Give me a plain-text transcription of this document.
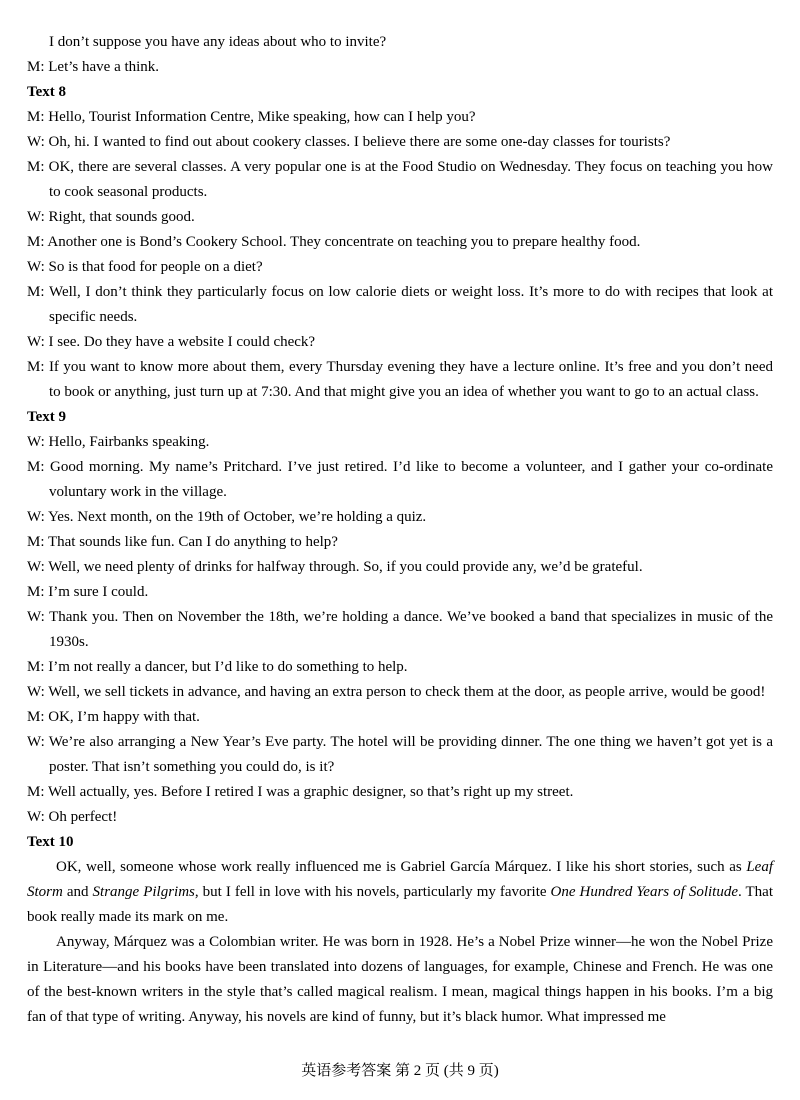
I don’t suppose you have any ideas about who to invite?

M: Let’s have a think.

Text 8

M: Hello, Tourist Information Centre, Mike speaking, how can I help you?

W: Oh, hi. I wanted to find out about cookery classes. I believe there are some one-day classes for tourists?

M: OK, there are several classes. A very popular one is at the Food Studio on Wednesday. They focus on teaching you how to cook seasonal products.

W: Right, that sounds good.

M: Another one is Bond’s Cookery School. They concentrate on teaching you to prepare healthy food.

W: So is that food for people on a diet?

M: Well, I don’t think they particularly focus on low calorie diets or weight loss. It’s more to do with recipes that look at specific needs.

W: I see. Do they have a website I could check?

M: If you want to know more about them, every Thursday evening they have a lecture online. It’s free and you don’t need to book or anything, just turn up at 7:30. And that might give you an idea of whether you want to go to an actual class.

Text 9

W: Hello, Fairbanks speaking.

M: Good morning. My name’s Pritchard. I’ve just retired. I’d like to become a volunteer, and I gather your co-ordinate voluntary work in the village.

W: Yes. Next month, on the 19th of October, we’re holding a quiz.

M: That sounds like fun. Can I do anything to help?

W: Well, we need plenty of drinks for halfway through. So, if you could provide any, we’d be grateful.

M: I’m sure I could.

W: Thank you. Then on November the 18th, we’re holding a dance. We’ve booked a band that specializes in music of the 1930s.

M: I’m not really a dancer, but I’d like to do something to help.

W: Well, we sell tickets in advance, and having an extra person to check them at the door, as people arrive, would be good!

M: OK, I’m happy with that.

W: We’re also arranging a New Year’s Eve party. The hotel will be providing dinner. The one thing we haven’t got yet is a poster. That isn’t something you could do, is it?

M: Well actually, yes. Before I retired I was a graphic designer, so that’s right up my street.

W: Oh perfect!

Text 10

OK, well, someone whose work really influenced me is Gabriel García Márquez. I like his short stories, such as Leaf Storm and Strange Pilgrims, but I fell in love with his novels, particularly my favorite One Hundred Years of Solitude. That book really made its mark on me.

Anyway, Márquez was a Colombian writer. He was born in 1928. He’s a Nobel Prize winner—he won the Nobel Prize in Literature—and his books have been translated into dozens of languages, for example, Chinese and French. He was one of the best-known writers in the style that’s called magical realism. I mean, magical things happen in his books. I’m a big fan of that type of writing. Anyway, his novels are kind of funny, but it’s black humor. What impressed me

英语参考答案 第 2 页 (共 9 页)
